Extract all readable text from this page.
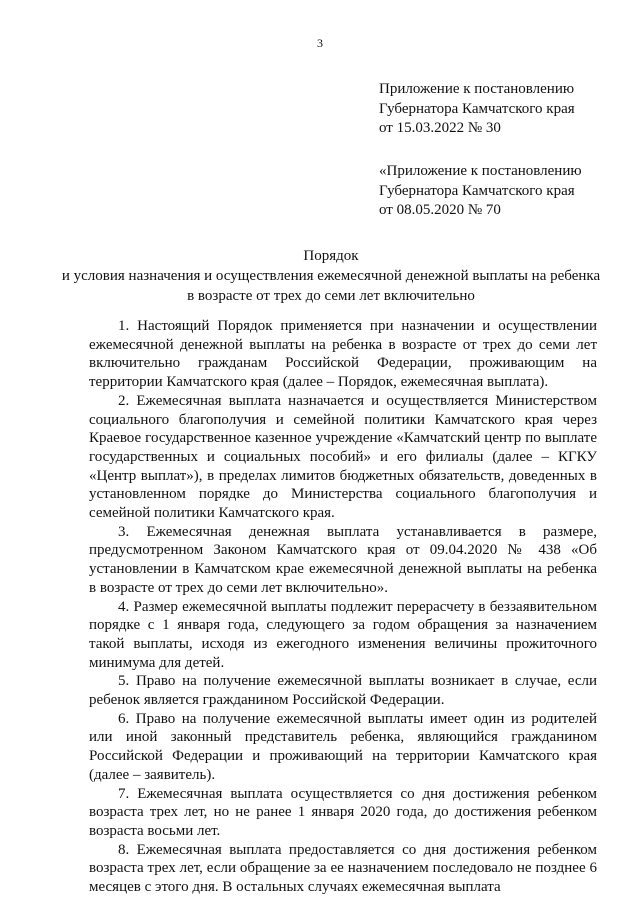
3
Приложение к постановлению
Губернатора Камчатского края
от 15.03.2022 № 30
«Приложение к постановлению
Губернатора Камчатского края
от 08.05.2020 № 70
Порядок
и условия назначения и осуществления ежемесячной денежной выплаты на ребенка в возрасте от трех до семи лет включительно

1. Настоящий Порядок применяется при назначении и осуществлении ежемесячной денежной выплаты на ребенка в возрасте от трех до семи лет включительно гражданам Российской Федерации, проживающим на территории Камчатского края (далее – Порядок, ежемесячная выплата).

2. Ежемесячная выплата назначается и осуществляется Министерством социального благополучия и семейной политики Камчатского края через Краевое государственное казенное учреждение «Камчатский центр по выплате государственных и социальных пособий» и его филиалы (далее – КГКУ «Центр выплат»), в пределах лимитов бюджетных обязательств, доведенных в установленном порядке до Министерства социального благополучия и семейной политики Камчатского края.

3. Ежемесячная денежная выплата устанавливается в размере, предусмотренном Законом Камчатского края от 09.04.2020 № 438 «Об установлении в Камчатском крае ежемесячной денежной выплаты на ребенка в возрасте от трех до семи лет включительно».

4. Размер ежемесячной выплаты подлежит перерасчету в беззаявительном порядке с 1 января года, следующего за годом обращения за назначением такой выплаты, исходя из ежегодного изменения величины прожиточного минимума для детей.

5. Право на получение ежемесячной выплаты возникает в случае, если ребенок является гражданином Российской Федерации.

6. Право на получение ежемесячной выплаты имеет один из родителей или иной законный представитель ребенка, являющийся гражданином Российской Федерации и проживающий на территории Камчатского края (далее – заявитель).

7. Ежемесячная выплата осуществляется со дня достижения ребенком возраста трех лет, но не ранее 1 января 2020 года, до достижения ребенком возраста восьми лет.

8. Ежемесячная выплата предоставляется со дня достижения ребенком возраста трех лет, если обращение за ее назначением последовало не позднее 6 месяцев с этого дня. В остальных случаях ежемесячная выплата
